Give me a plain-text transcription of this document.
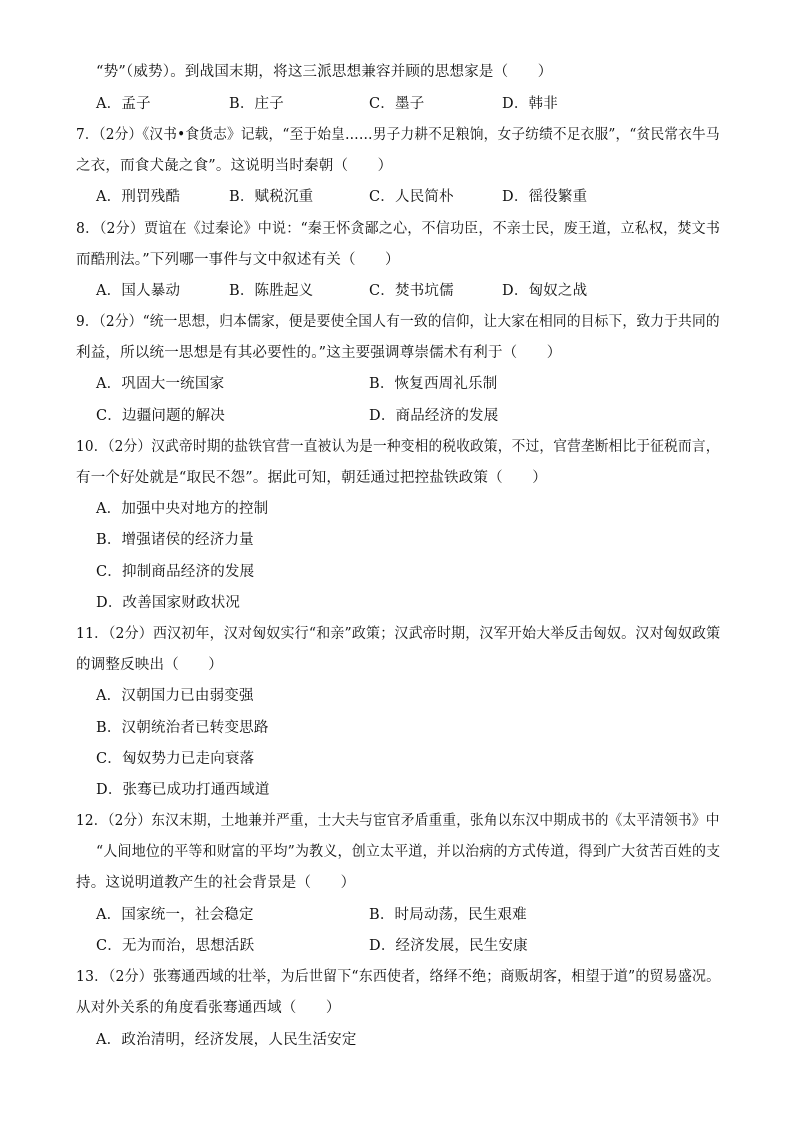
“势”（威势）。到战国末期，将这三派思想兼容并顾的思想家是（　　）
A．孟子	B．庄子	C．墨子	D．韩非
7．（2分）《汉书•食货志》记载，“至于始皇……男子力耕不足粮饷，女子纺绩不足衣服”，“贫民常衣牛马
之衣，而食犬彘之食”。这说明当时秦朝（　　）
A．刑罚残酷	B．赋税沉重	C．人民简朴	D．徭役繁重
8．（2分）贾谊在《过秦论》中说：“秦王怀贪鄙之心，不信功臣，不亲士民，废王道，立私权，焚文书
而酷刑法。”下列哪一事件与文中叙述有关（　　）
A．国人暴动	B．陈胜起义	C．焚书坑儒	D．匈奴之战
9．（2分）“统一思想，归本儒家，便是要使全国人有一致的信仰，让大家在相同的目标下，致力于共同的
利益，所以统一思想是有其必要性的。”这主要强调尊崇儒术有利于（　　）
A．巩固大一统国家	B．恢复西周礼乐制
C．边疆问题的解决	D．商品经济的发展
10．（2分）汉武帝时期的盐铁官营一直被认为是一种变相的税收政策，不过，官营垄断相比于征税而言，
有一个好处就是“取民不怨”。据此可知，朝廷通过把控盐铁政策（　　）
A．加强中央对地方的控制
B．增强诸侯的经济力量
C．抑制商品经济的发展
D．改善国家财政状况
11．（2分）西汉初年，汉对匈奴实行“和亲”政策；汉武帝时期，汉军开始大举反击匈奴。汉对匈奴政策
的调整反映出（　　）
A．汉朝国力已由弱变强
B．汉朝统治者已转变思路
C．匈奴势力已走向衰落
D．张骞已成功打通西域道
12．（2分）东汉末期，土地兼并严重，士大夫与宦官矛盾重重，张角以东汉中期成书的《太平清领书》中
“人间地位的平等和财富的平均”为教义，创立太平道，并以治病的方式传道，得到广大贫苦百姓的支
持。这说明道教产生的社会背景是（　　）
A．国家统一，社会稳定	B．时局动荡，民生艰难
C．无为而治，思想活跃	D．经济发展，民生安康
13．（2分）张骞通西域的壮举，为后世留下“东西使者，络绎不绝；商贩胡客，相望于道”的贸易盛况。
从对外关系的角度看张骞通西域（　　）
A．政治清明，经济发展，人民生活安定
